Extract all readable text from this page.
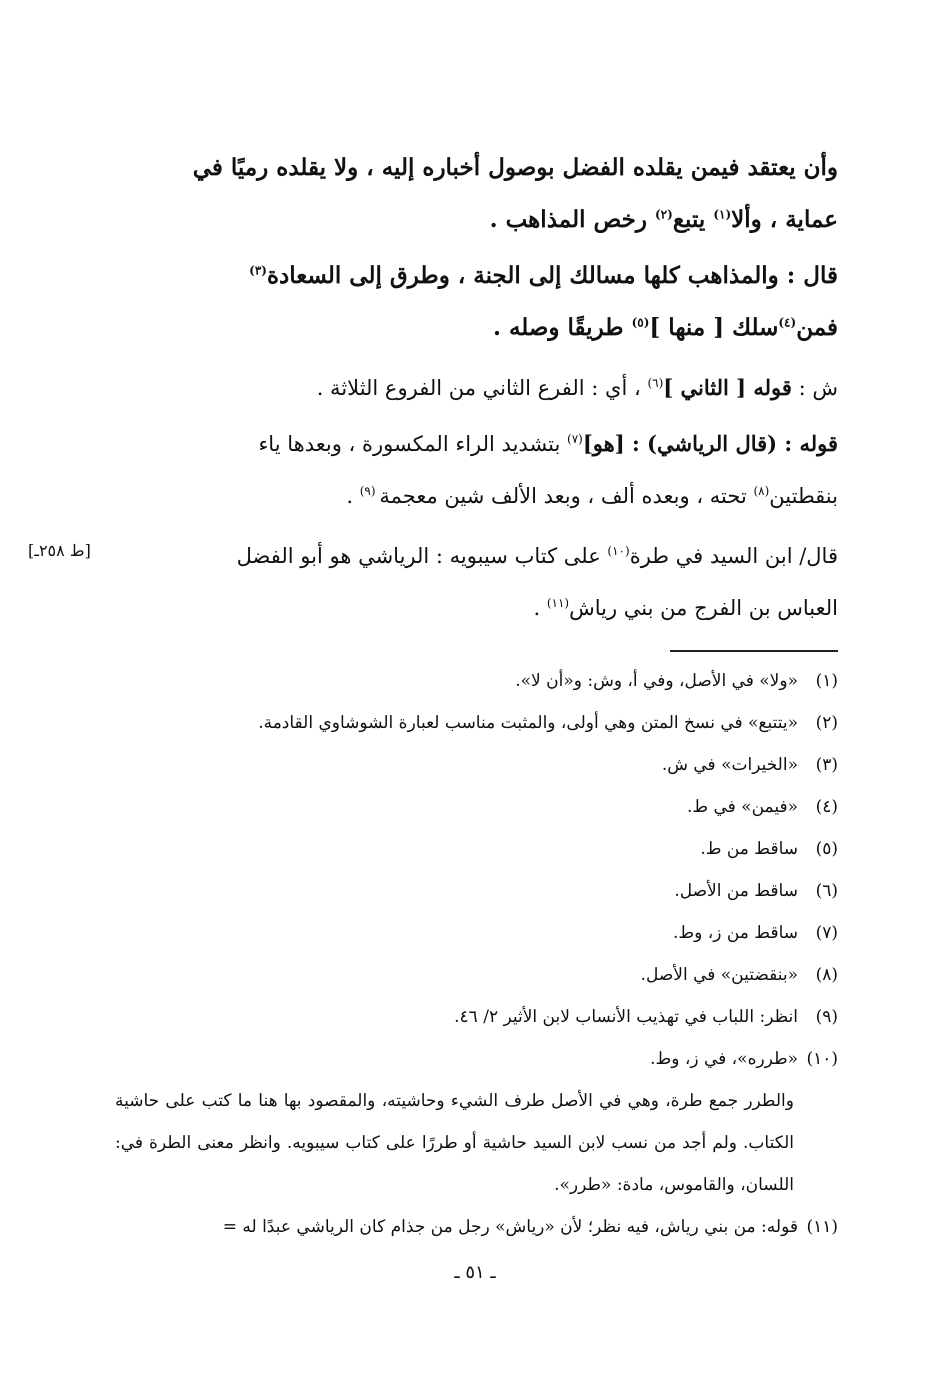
وأن يعتقد فيمن يقلده الفضل بوصول أخباره إليه ، ولا يقلده رميًا في
عماية ، وألا$^{(١)}$ يتبع$^{(٢)}$ رخص المذاهب .

قال : والمذاهب كلها مسالك إلى الجنة ، وطرق إلى السعادة$^{(٣)}$
فمن$^{(٤)}$سلك [ منها ]$^{(٥)}$ طريقًا وصله .

ش : قوله [ الثاني ]$^{(٦)}$ ، أي : الفرع الثاني من الفروع الثلاثة .

قوله : (قال الرياشي) : [هو]$^{(٧)}$ بتشديد الراء المكسورة ، وبعدها ياء
بنقطتين$^{(٨)}$ تحته ، وبعده ألف ، وبعد الألف شين معجمة $^{(٩)}$ .

قال/ ابن السيد في طرة$^{(١٠)}$ على كتاب سيبويه : الرياشي هو أبو الفضل
العباس بن الفرج من بني رياش$^{(١١)}$ .

[ط ٢٥٨ـ]

(١)«ولا» في الأصل، وفي أ، وش: و«أن لا».

(٢)«يتتبع» في نسخ المتن وهي أولى، والمثبت مناسب لعبارة الشوشاوي القادمة.

(٣)«الخيرات» في ش.

(٤)«فيمن» في ط.

(٥)ساقط من ط.

(٦)ساقط من الأصل.

(٧)ساقط من ز، وط.

(٨)«بنقضتين» في الأصل.

(٩)انظر: اللباب في تهذيب الأنساب لابن الأثير ٢/ ٤٦.

(١٠)«طرره»، في ز، وط.

والطرر جمع طرة، وهي في الأصل طرف الشيء وحاشيته، والمقصود بها هنا ما كتب على حاشية الكتاب. ولم أجد من نسب لابن السيد حاشية أو طررًا على كتاب سيبويه. وانظر معنى الطرة في: اللسان، والقاموس، مادة: «طرر».

(١١)قوله: من بني رياش، فيه نظر؛ لأن «رياش» رجل من جذام كان الرياشي عبدًا له =

ـ ٥١ ـ
